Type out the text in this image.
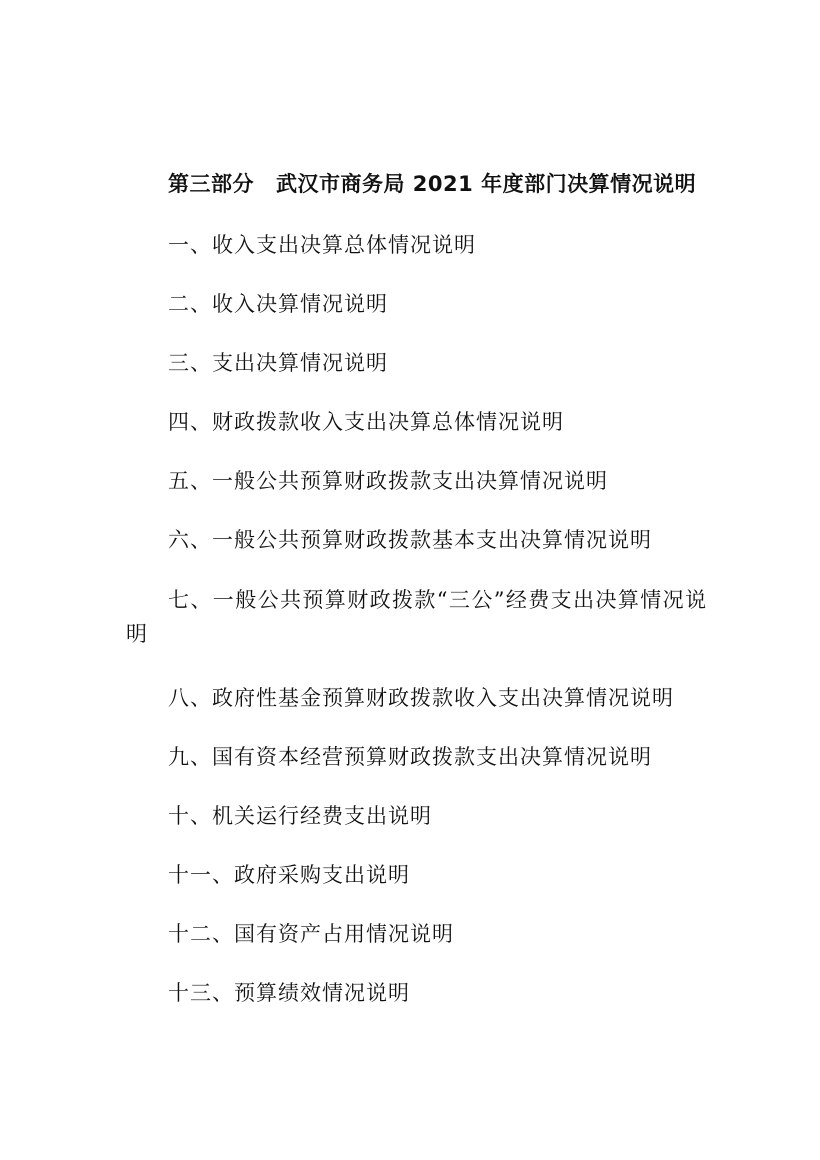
第三部分 武汉市商务局 2021 年度部门决算情况说明
一、收入支出决算总体情况说明
二、收入决算情况说明
三、支出决算情况说明
四、财政拨款收入支出决算总体情况说明
五、一般公共预算财政拨款支出决算情况说明
六、一般公共预算财政拨款基本支出决算情况说明
七、一般公共预算财政拨款“三公”经费支出决算情况说明
八、政府性基金预算财政拨款收入支出决算情况说明
九、国有资本经营预算财政拨款支出决算情况说明
十、机关运行经费支出说明
十一、政府采购支出说明
十二、国有资产占用情况说明
十三、预算绩效情况说明
